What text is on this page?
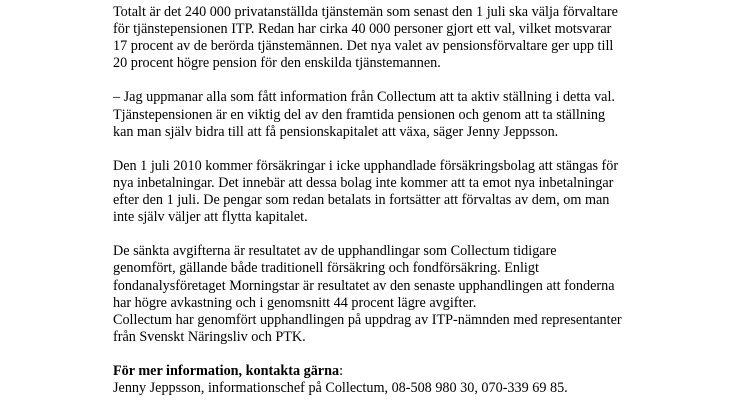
Totalt är det 240 000 privatanställda tjänstemän som senast den 1 juli ska välja förvaltare
för tjänstepensionen ITP. Redan har cirka 40 000 personer gjort ett val, vilket motsvarar
17 procent av de berörda tjänstemännen. Det nya valet av pensionsförvaltare ger upp till
20 procent högre pension för den enskilda tjänstemannen.
– Jag uppmanar alla som fått information från Collectum att ta aktiv ställning i detta val.
Tjänstepensionen är en viktig del av den framtida pensionen och genom att ta ställning
kan man själv bidra till att få pensionskapitalet att växa, säger Jenny Jeppsson.
Den 1 juli 2010 kommer försäkringar i icke upphandlade försäkringsbolag att stängas för
nya inbetalningar. Det innebär att dessa bolag inte kommer att ta emot nya inbetalningar
efter den 1 juli. De pengar som redan betalats in fortsätter att förvaltas av dem, om man
inte själv väljer att flytta kapitalet.
De sänkta avgifterna är resultatet av de upphandlingar som Collectum tidigare
genomfört, gällande både traditionell försäkring och fondförsäkring. Enligt
fondanalysföretaget Morningstar är resultatet av den senaste upphandlingen att fonderna
har högre avkastning och i genomsnitt 44 procent lägre avgifter.
Collectum har genomfört upphandlingen på uppdrag av ITP-nämnden med representanter
från Svenskt Näringsliv och PTK.
För mer information, kontakta gärna:
Jenny Jeppsson, informationschef på Collectum, 08-508 980 30, 070-339 69 85.
